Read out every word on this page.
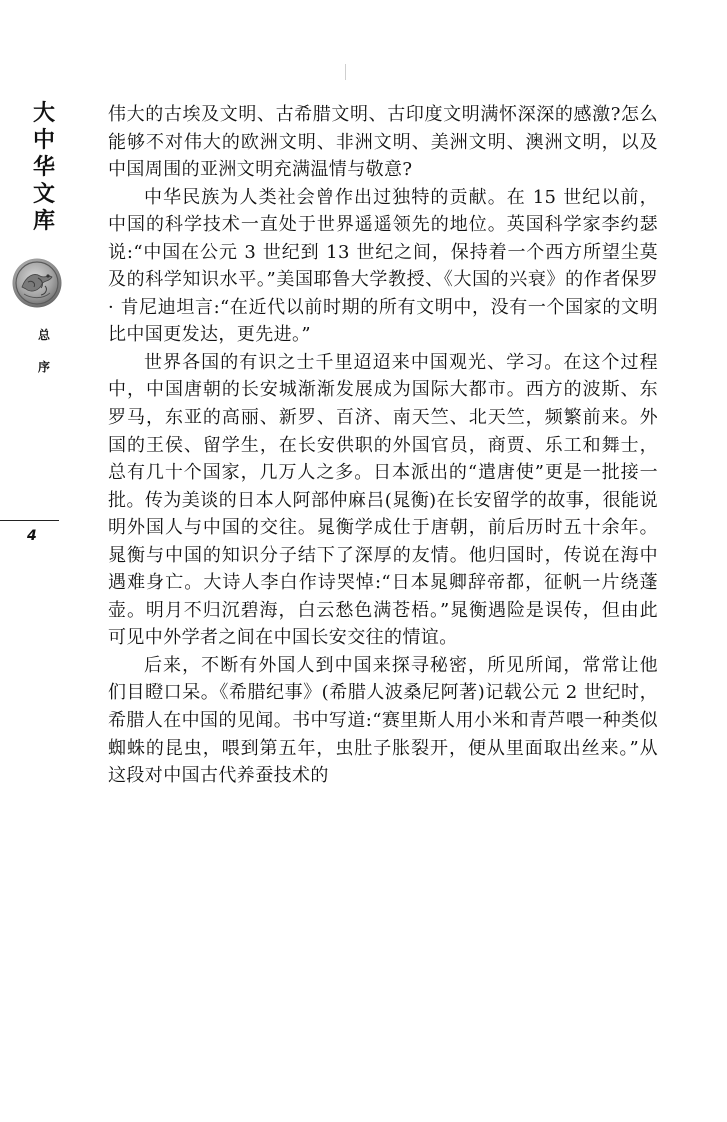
大
中
华
文
库
总
序
4

伟大的古埃及文明、古希腊文明、古印度文明满怀深深的感激?怎么能够不对伟大的欧洲文明、非洲文明、美洲文明、澳洲文明，以及中国周围的亚洲文明充满温情与敬意?

中华民族为人类社会曾作出过独特的贡献。在 15 世纪以前，中国的科学技术一直处于世界遥遥领先的地位。英国科学家李约瑟说:“中国在公元 3 世纪到 13 世纪之间，保持着一个西方所望尘莫及的科学知识水平。”美国耶鲁大学教授、《大国的兴衰》的作者保罗 · 肯尼迪坦言:“在近代以前时期的所有文明中，没有一个国家的文明比中国更发达，更先进。”

世界各国的有识之士千里迢迢来中国观光、学习。在这个过程中，中国唐朝的长安城渐渐发展成为国际大都市。西方的波斯、东罗马，东亚的高丽、新罗、百济、南天竺、北天竺，频繁前来。外国的王侯、留学生，在长安供职的外国官员，商贾、乐工和舞士，总有几十个国家，几万人之多。日本派出的“遣唐使”更是一批接一批。传为美谈的日本人阿部仲麻吕(晁衡)在长安留学的故事，很能说明外国人与中国的交往。晁衡学成仕于唐朝，前后历时五十余年。晁衡与中国的知识分子结下了深厚的友情。他归国时，传说在海中遇难身亡。大诗人李白作诗哭悼:“日本晁卿辞帝都，征帆一片绕蓬壶。明月不归沉碧海，白云愁色满苍梧。”晁衡遇险是误传，但由此可见中外学者之间在中国长安交往的情谊。

后来，不断有外国人到中国来探寻秘密，所见所闻，常常让他们目瞪口呆。《希腊纪事》(希腊人波桑尼阿著)记载公元 2 世纪时，希腊人在中国的见闻。书中写道:“赛里斯人用小米和青芦喂一种类似蜘蛛的昆虫，喂到第五年，虫肚子胀裂开，便从里面取出丝来。”从这段对中国古代养蚕技术的
